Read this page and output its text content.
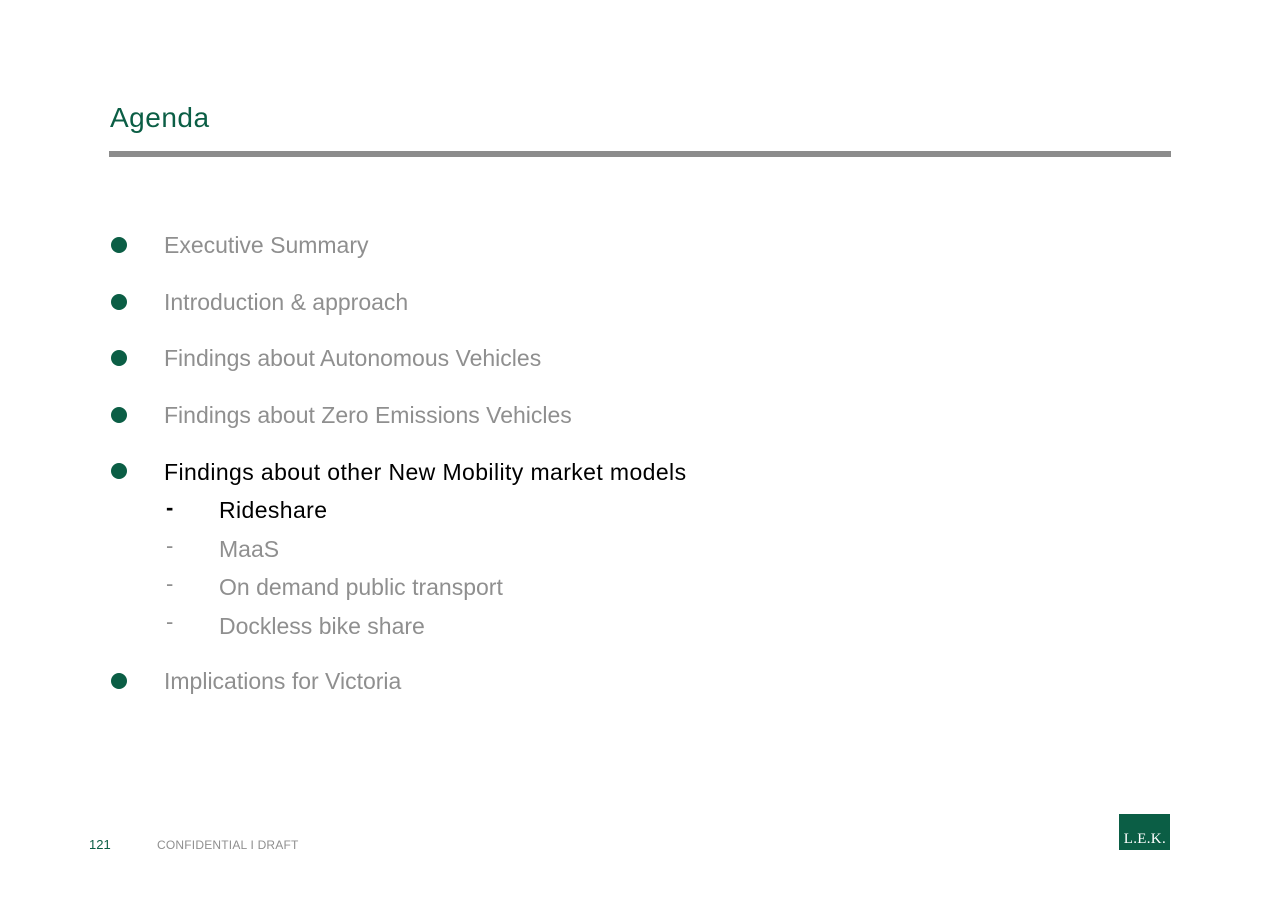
Agenda
Executive Summary
Introduction & approach
Findings about Autonomous Vehicles
Findings about Zero Emissions Vehicles
Findings about other New Mobility market models
- Rideshare
- MaaS
- On demand public transport
- Dockless bike share
Implications for Victoria
121	CONFIDENTIAL I DRAFT	L.E.K.
